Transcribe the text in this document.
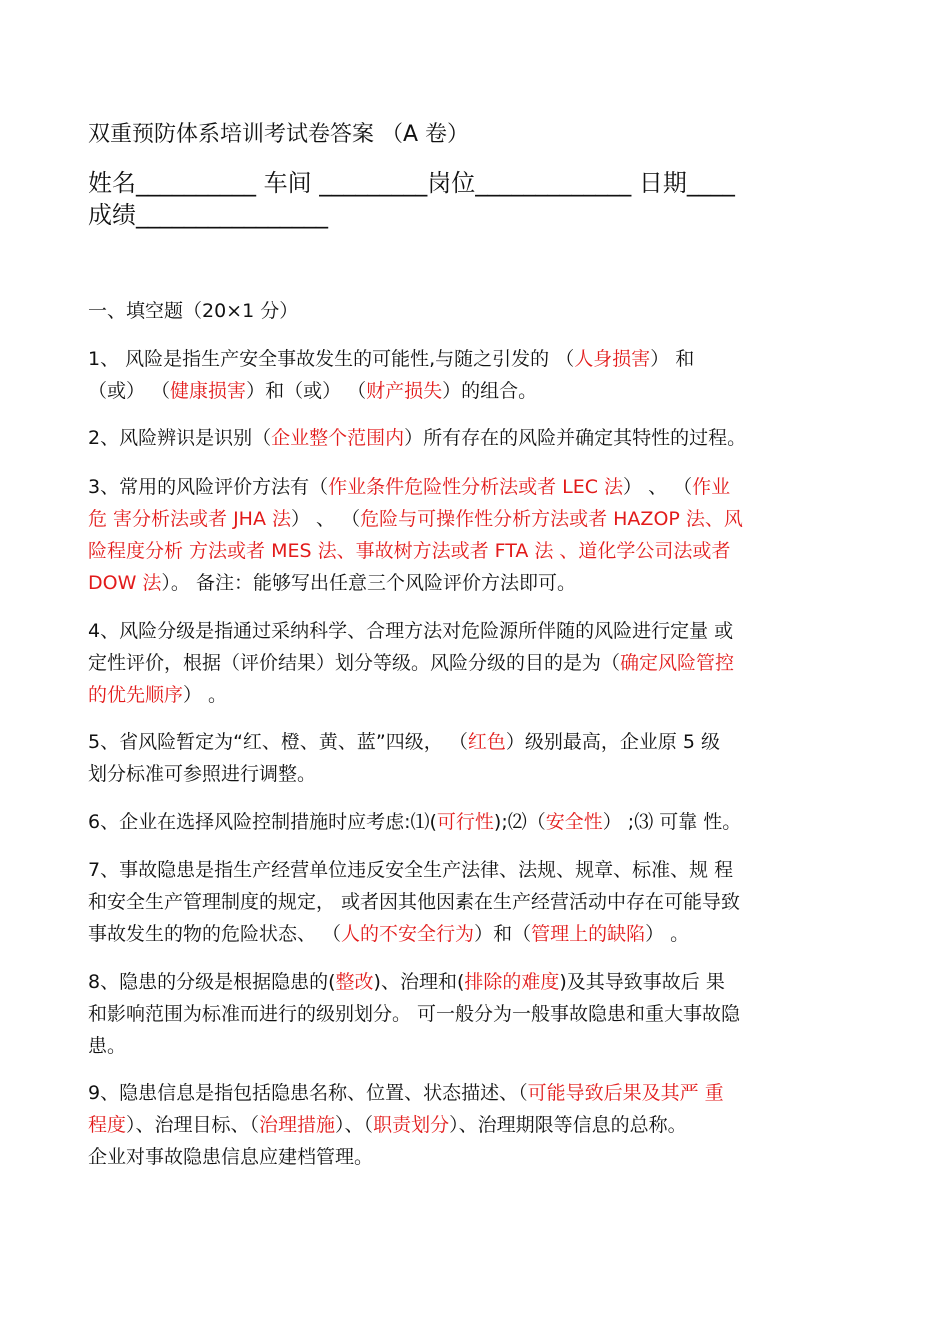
双重预防体系培训考试卷答案 （A 卷）
姓名__________ 车间 _________岗位_____________ 日期____
成绩________________
一、填空题（20×1 分）
1、 风险是指生产安全事故发生的可能性,与随之引发的 （人身损害） 和
（或） （健康损害）和（或） （财产损失）的组合。
2、风险辨识是识别（企业整个范围内）所有存在的风险并确定其特性的过程。
3、常用的风险评价方法有（作业条件危险性分析法或者 LEC 法） 、 （作业
危 害分析法或者 JHA 法） 、 （危险与可操作性分析方法或者 HAZOP 法、风
险程度分析 方法或者 MES 法、事故树方法或者 FTA 法 、道化学公司法或者
DOW 法）。 备注：能够写出任意三个风险评价方法即可。
4、风险分级是指通过采纳科学、合理方法对危险源所伴随的风险进行定量 或
定性评价，根据（评价结果）划分等级。风险分级的目的是为（确定风险管控
的优先顺序） 。
5、省风险暂定为“红、橙、黄、蓝”四级， （红色）级别最高，企业原 5 级
划分标准可参照进行调整。
6、企业在选择风险控制措施时应考虑:⑴(可行性);⑵（安全性） ;⑶ 可靠 性。
7、事故隐患是指生产经营单位违反安全生产法律、法规、规章、标准、规 程
和安全生产管理制度的规定， 或者因其他因素在生产经营活动中存在可能导致
事故发生的物的危险状态、 （人的不安全行为）和（管理上的缺陷） 。
8、隐患的分级是根据隐患的(整改)、治理和(排除的难度)及其导致事故后 果
和影响范围为标准而进行的级别划分。 可一般分为一般事故隐患和重大事故隐
患。
9、隐患信息是指包括隐患名称、位置、状态描述、（可能导致后果及其严 重
程度）、治理目标、（治理措施）、（职责划分）、治理期限等信息的总称。
企业对事故隐患信息应建档管理。
